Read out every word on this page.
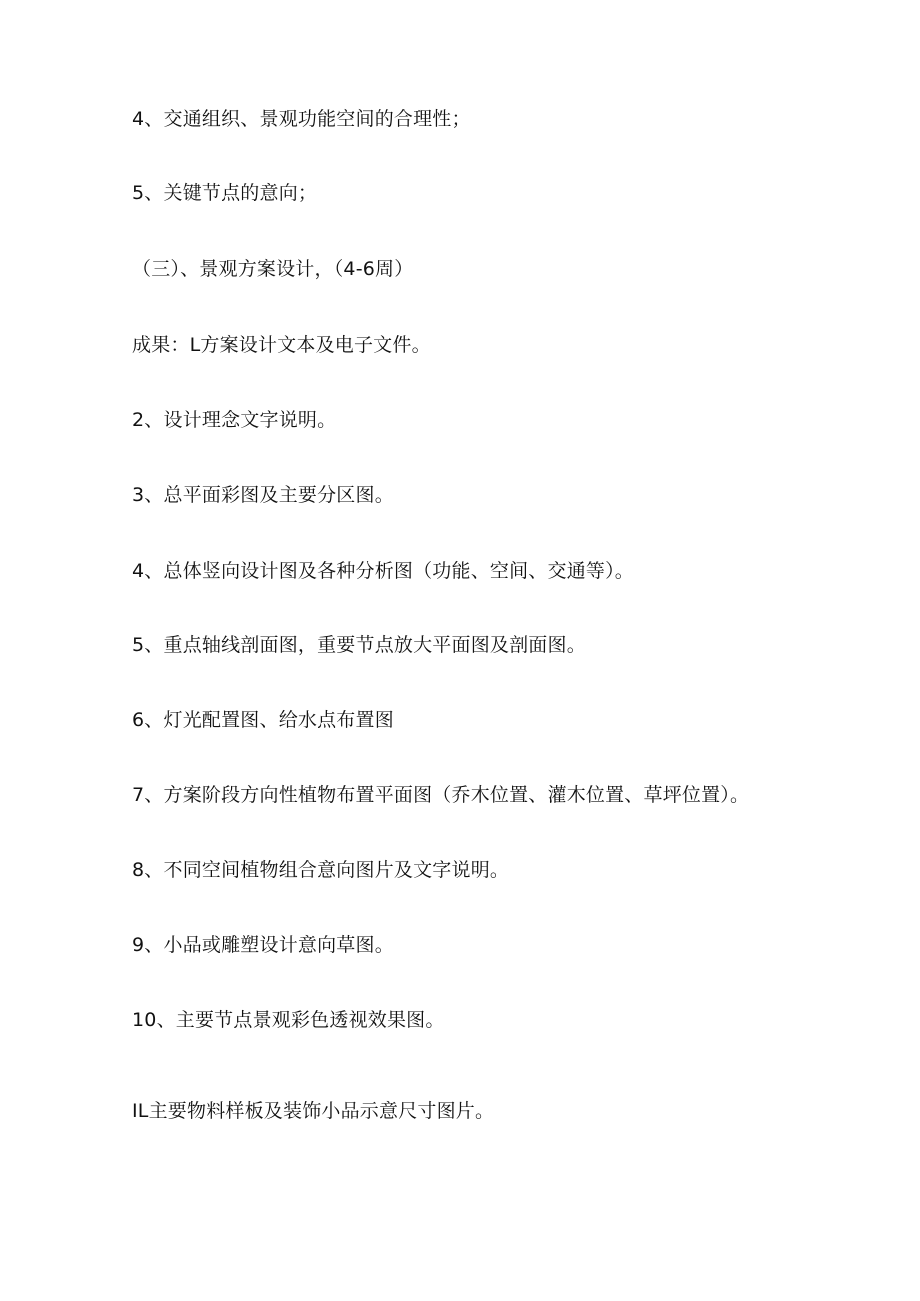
4、交通组织、景观功能空间的合理性；
5、关键节点的意向；
（三）、景观方案设计，（4-6周）
成果：L方案设计文本及电子文件。
2、设计理念文字说明。
3、总平面彩图及主要分区图。
4、总体竖向设计图及各种分析图（功能、空间、交通等）。
5、重点轴线剖面图，重要节点放大平面图及剖面图。
6、灯光配置图、给水点布置图
7、方案阶段方向性植物布置平面图（乔木位置、灌木位置、草坪位置）。
8、不同空间植物组合意向图片及文字说明。
9、小品或雕塑设计意向草图。
10、主要节点景观彩色透视效果图。
IL主要物料样板及装饰小品示意尺寸图片。
